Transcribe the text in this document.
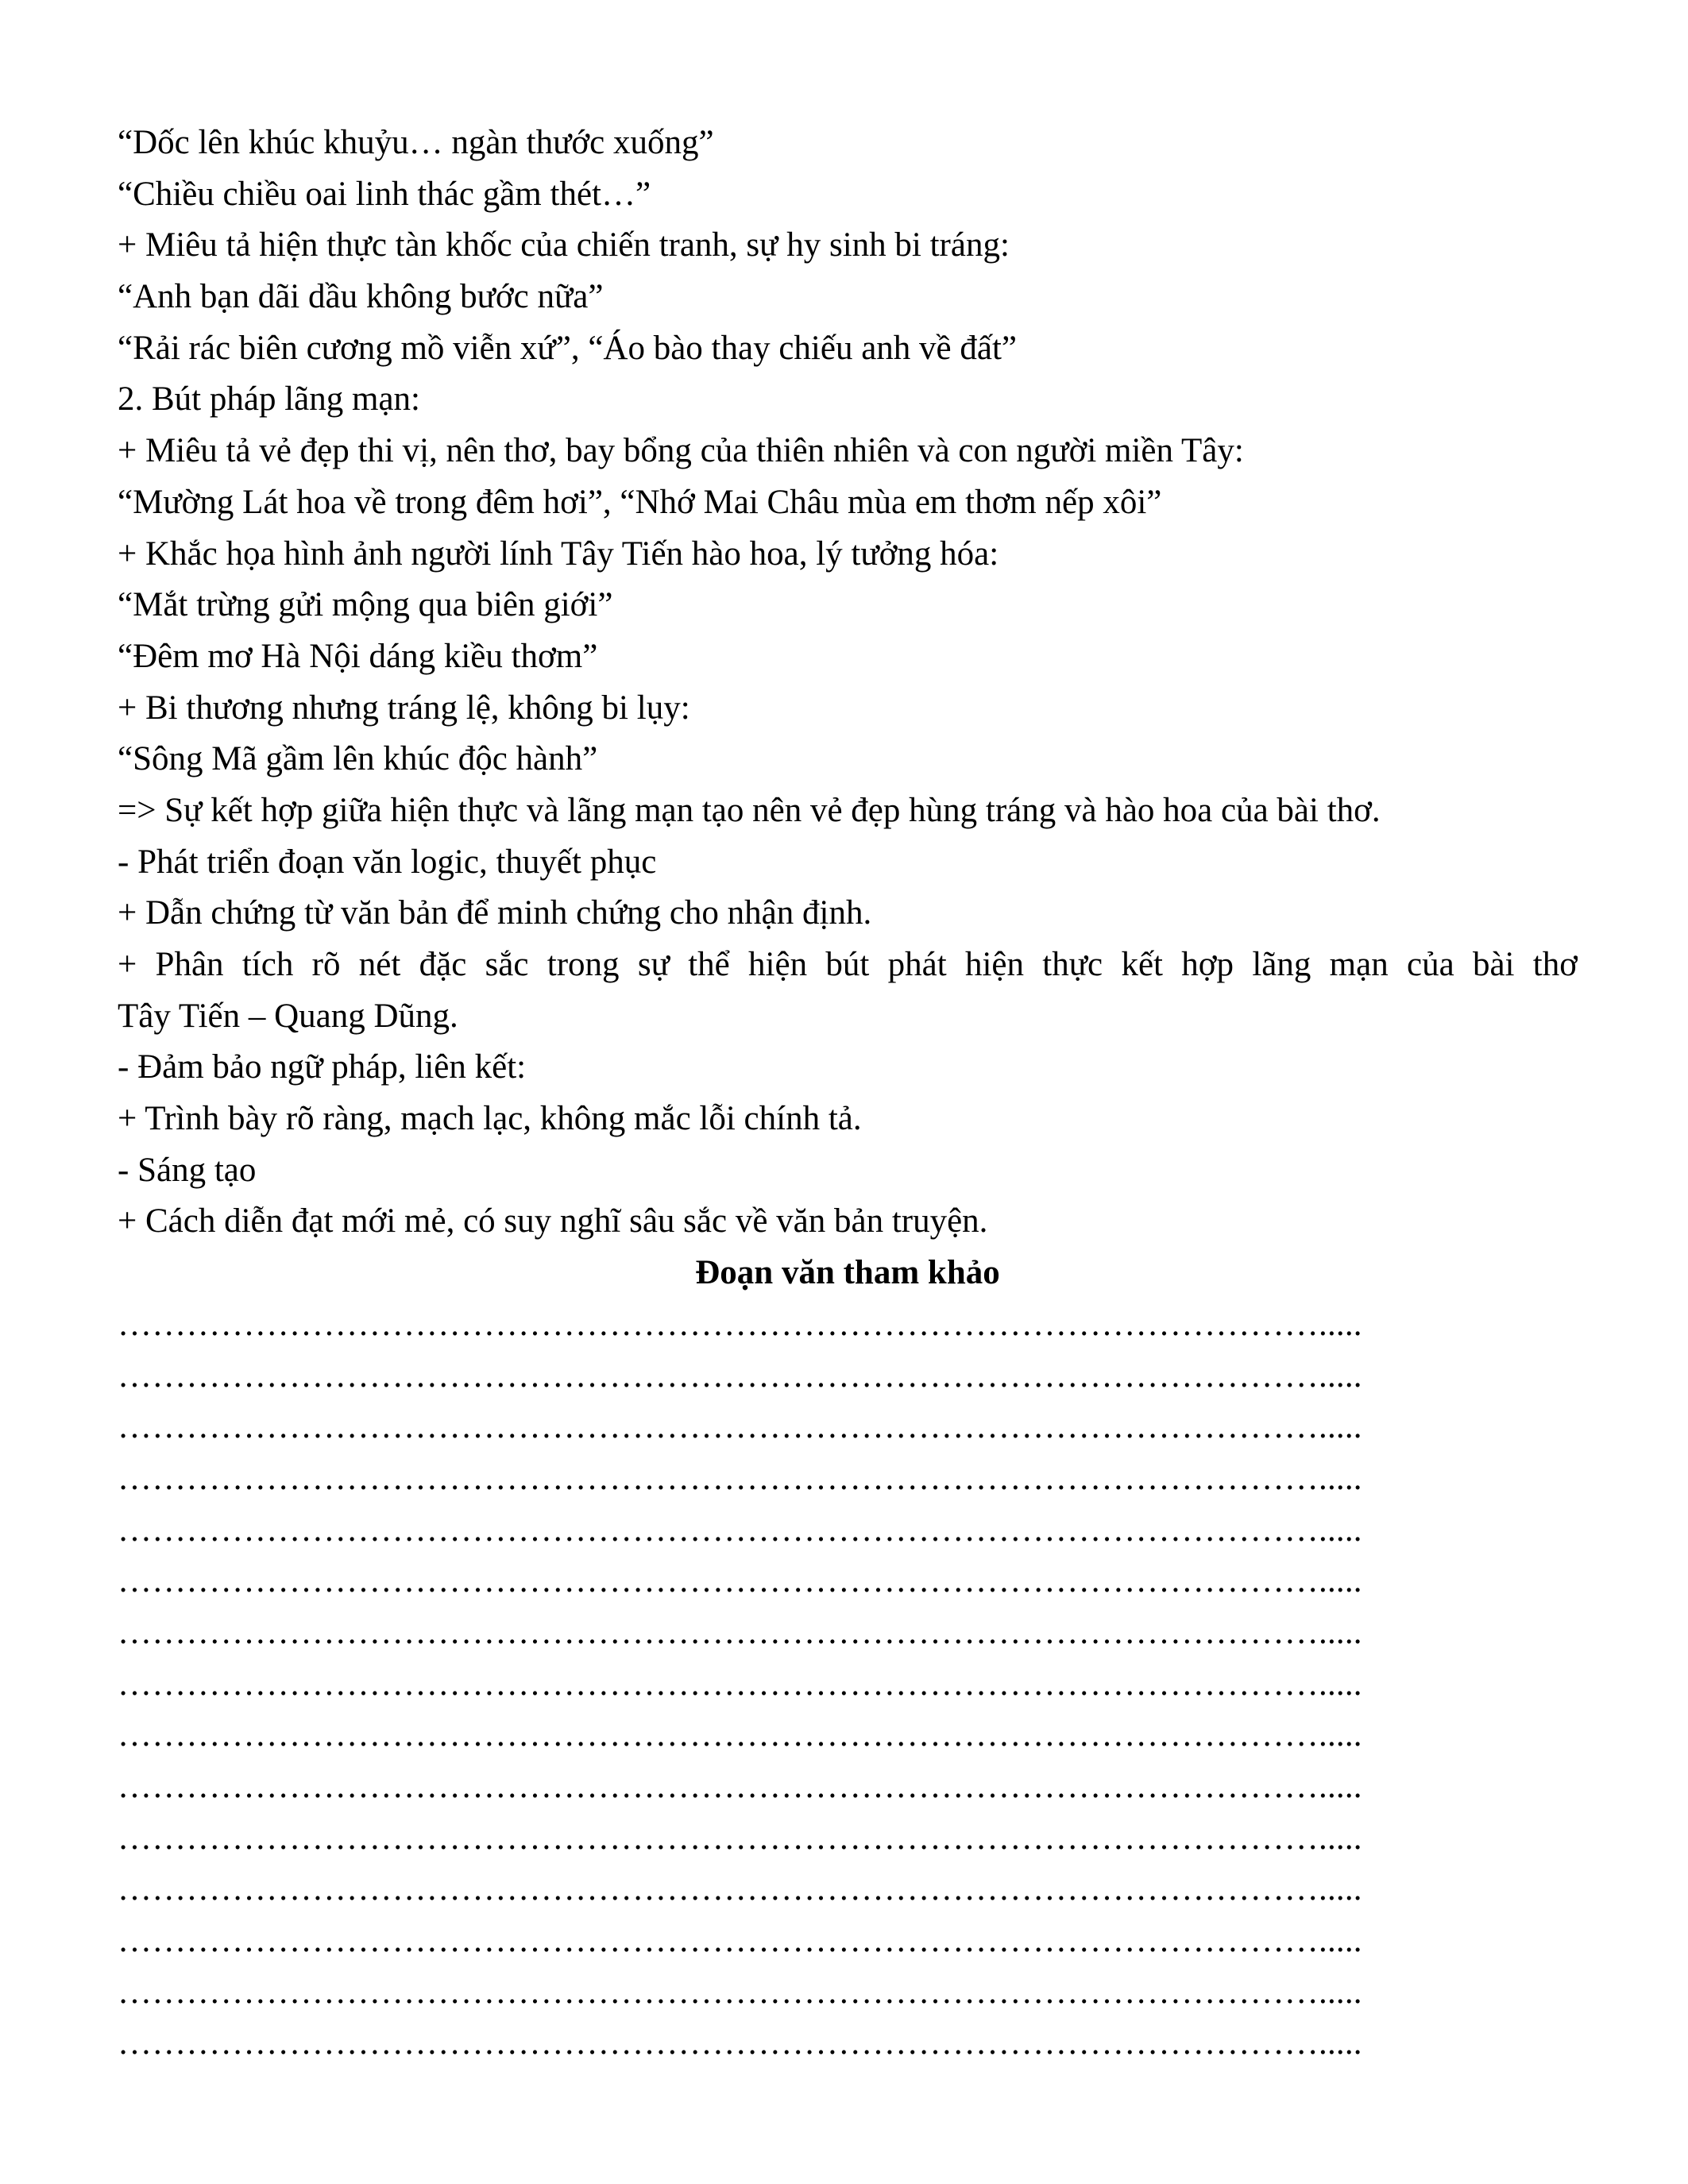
“Dốc lên khúc khuỷu… ngàn thước xuống”
“Chiều chiều oai linh thác gầm thét…”
+ Miêu tả hiện thực tàn khốc của chiến tranh, sự hy sinh bi tráng:
“Anh bạn dãi dầu không bước nữa”
“Rải rác biên cương mồ viễn xứ”, “Áo bào thay chiếu anh về đất”
2. Bút pháp lãng mạn:
+ Miêu tả vẻ đẹp thi vị, nên thơ, bay bổng của thiên nhiên và con người miền Tây:
“Mường Lát hoa về trong đêm hơi”, “Nhớ Mai Châu mùa em thơm nếp xôi”
+ Khắc họa hình ảnh người lính Tây Tiến hào hoa, lý tưởng hóa:
“Mắt trừng gửi mộng qua biên giới”
“Đêm mơ Hà Nội dáng kiều thơm”
+ Bi thương nhưng tráng lệ, không bi lụy:
“Sông Mã gầm lên khúc độc hành”
=> Sự kết hợp giữa hiện thực và lãng mạn tạo nên vẻ đẹp hùng tráng và hào hoa của bài thơ.
- Phát triển đoạn văn logic, thuyết phục
+ Dẫn chứng từ văn bản để minh chứng cho nhận định.
+ Phân tích rõ nét đặc sắc trong sự thể hiện bút phát hiện thực kết hợp lãng mạn của bài thơ
Tây Tiến – Quang Dũng.
- Đảm bảo ngữ pháp, liên kết:
+ Trình bày rõ ràng, mạch lạc, không mắc lỗi chính tả.
- Sáng tạo
+ Cách diễn đạt mới mẻ, có suy nghĩ sâu sắc về văn bản truyện.
Đoạn văn tham khảo
…………………………………………………………………………………………….....
…………………………………………………………………………………………….....
…………………………………………………………………………………………….....
…………………………………………………………………………………………….....
…………………………………………………………………………………………….....
…………………………………………………………………………………………….....
…………………………………………………………………………………………….....
…………………………………………………………………………………………….....
…………………………………………………………………………………………….....
…………………………………………………………………………………………….....
…………………………………………………………………………………………….....
…………………………………………………………………………………………….....
…………………………………………………………………………………………….....
…………………………………………………………………………………………….....
…………………………………………………………………………………………….....
